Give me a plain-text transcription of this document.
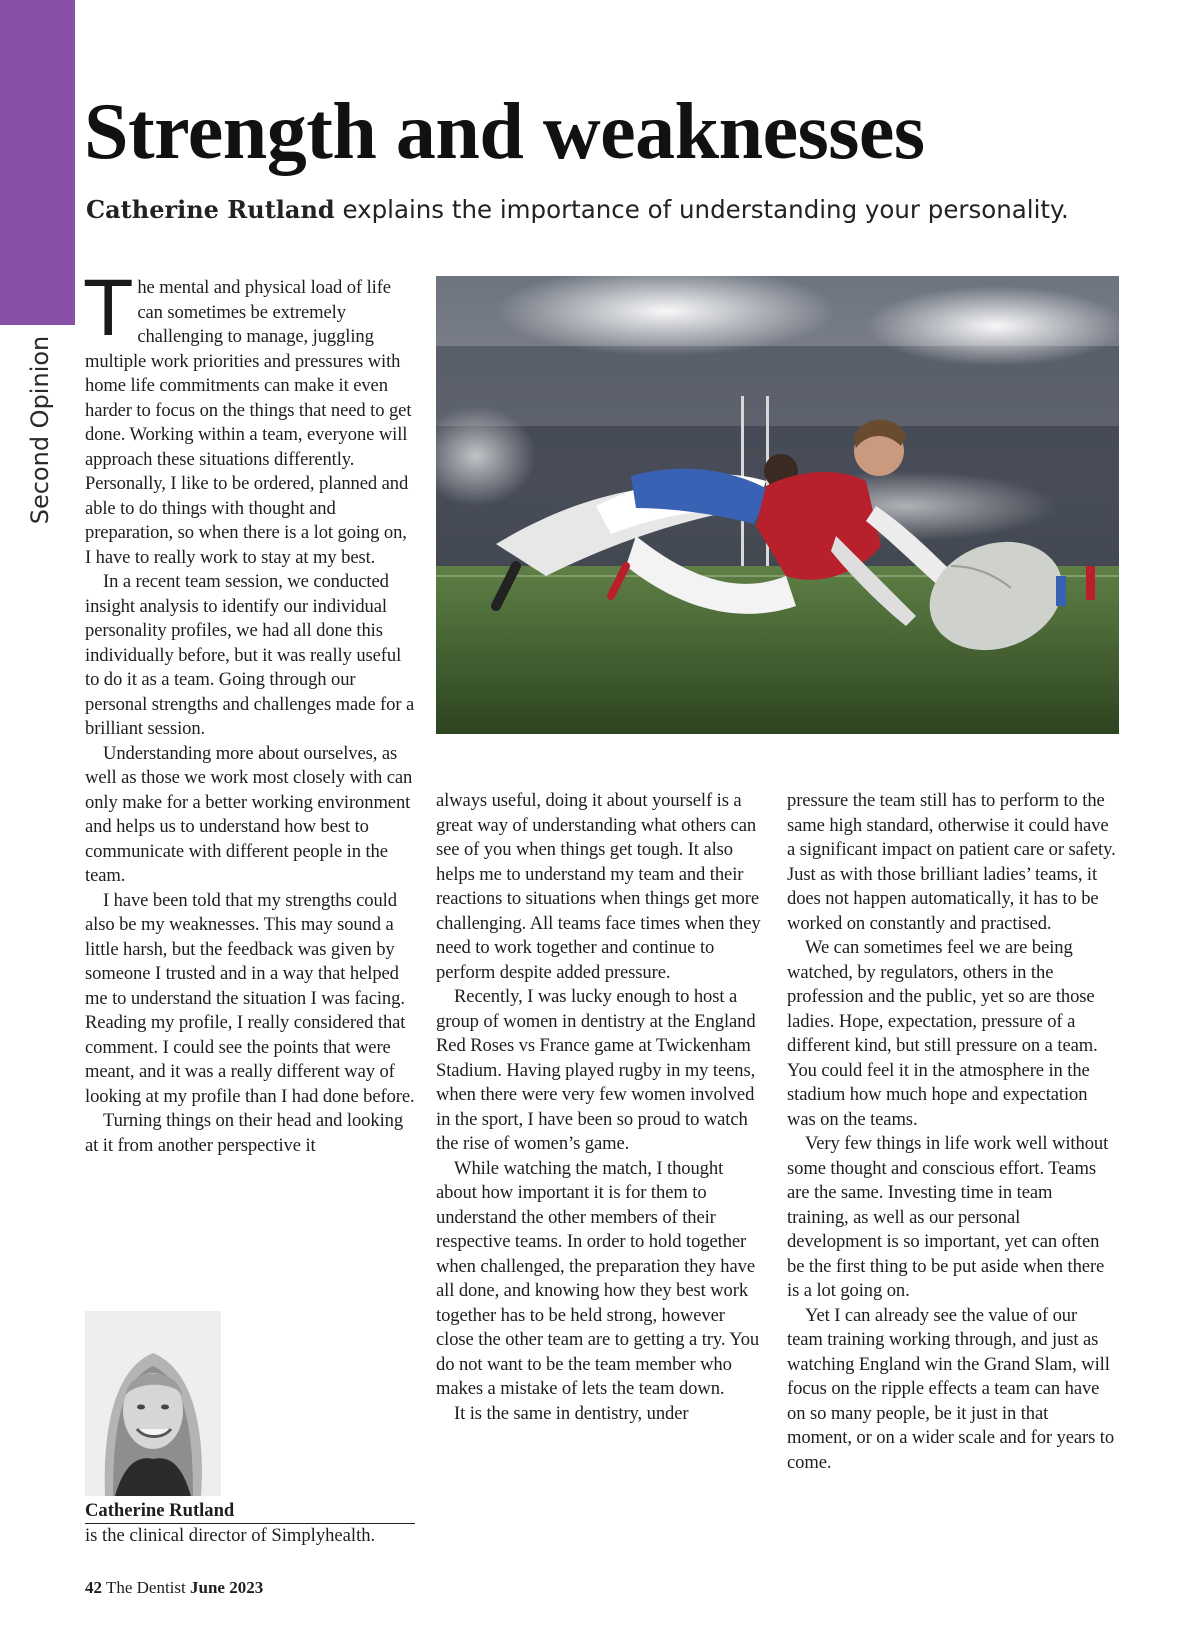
Second Opinion
Strength and weaknesses

Catherine Rutland explains the importance of understanding your personality.

The mental and physical load of life can sometimes be extremely challenging to manage, juggling multiple work priorities and pressures with home life commitments can make it even harder to focus on the things that need to get done. Working within a team, everyone will approach these situations differently. Personally, I like to be ordered, planned and able to do things with thought and preparation, so when there is a lot going on, I have to really work to stay at my best.

In a recent team session, we conducted insight analysis to identify our individual personality profiles, we had all done this individually before, but it was really useful to do it as a team. Going through our personal strengths and challenges made for a brilliant session.

Understanding more about ourselves, as well as those we work most closely with can only make for a better working environment and helps us to understand how best to communicate with different people in the team.

I have been told that my strengths could also be my weaknesses. This may sound a little harsh, but the feedback was given by someone I trusted and in a way that helped me to understand the situation I was facing. Reading my profile, I really considered that comment. I could see the points that were meant, and it was a really different way of looking at my profile than I had done before.

Turning things on their head and looking at it from another perspective it

always useful, doing it about yourself is a great way of understanding what others can see of you when things get tough. It also helps me to understand my team and their reactions to situations when things get more challenging. All teams face times when they need to work together and continue to perform despite added pressure.

Recently, I was lucky enough to host a group of women in dentistry at the England Red Roses vs France game at Twickenham Stadium. Having played rugby in my teens, when there were very few women involved in the sport, I have been so proud to watch the rise of women’s game.

While watching the match, I thought about how important it is for them to understand the other members of their respective teams. In order to hold together when challenged, the preparation they have all done, and knowing how they best work together has to be held strong, however close the other team are to getting a try. You do not want to be the team member who makes a mistake of lets the team down.

It is the same in dentistry, under

pressure the team still has to perform to the same high standard, otherwise it could have a significant impact on patient care or safety. Just as with those brilliant ladies’ teams, it does not happen automatically, it has to be worked on constantly and practised.

We can sometimes feel we are being watched, by regulators, others in the profession and the public, yet so are those ladies. Hope, expectation, pressure of a different kind, but still pressure on a team. You could feel it in the atmosphere in the stadium how much hope and expectation was on the teams.

Very few things in life work well without some thought and conscious effort. Teams are the same. Investing time in team training, as well as our personal development is so important, yet can often be the first thing to be put aside when there is a lot going on.

Yet I can already see the value of our team training working through, and just as watching England win the Grand Slam, will focus on the ripple effects a team can have on so many people, be it just in that moment, or on a wider scale and for years to come.

Catherine Rutland
is the clinical director of Simplyhealth.
42 The Dentist June 2023
